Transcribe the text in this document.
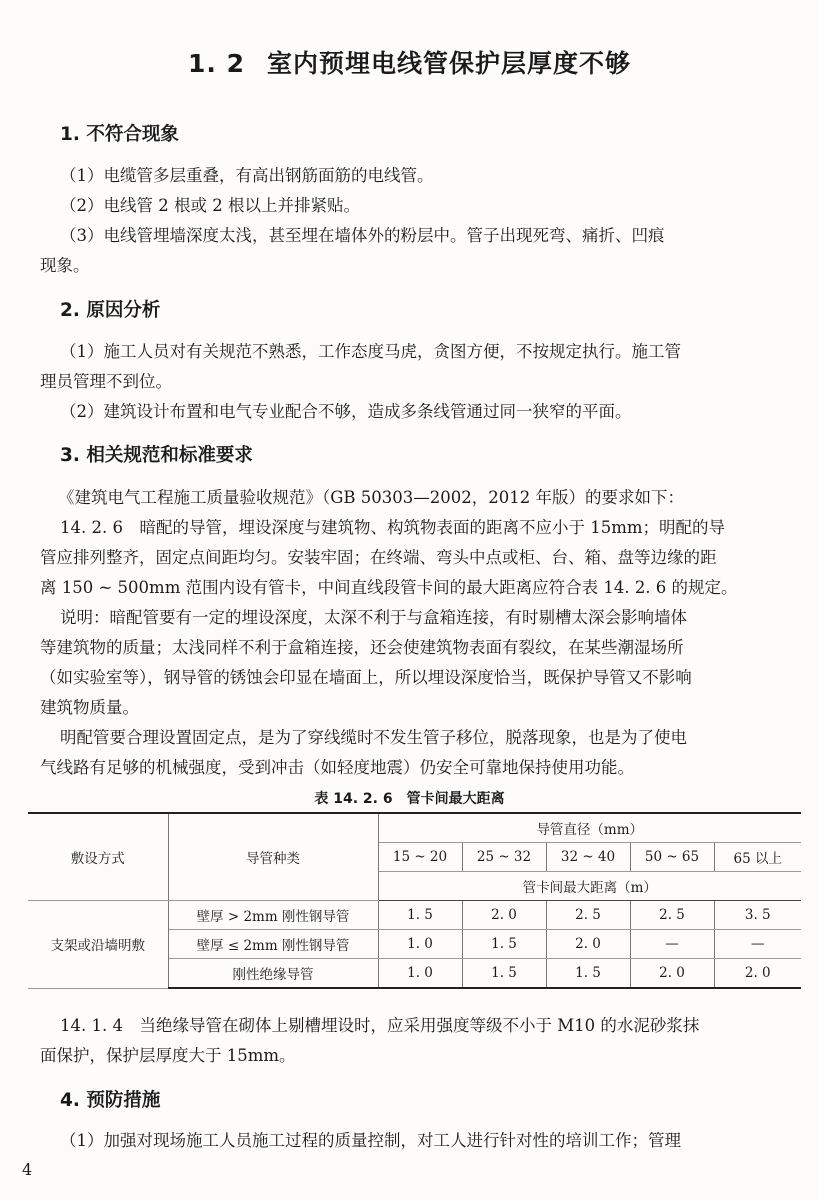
1. 2 室内预埋电线管保护层厚度不够
1. 不符合现象
（1）电缆管多层重叠，有高出钢筋面筋的电线管。
（2）电线管 2 根或 2 根以上并排紧贴。
（3）电线管埋墙深度太浅，甚至埋在墙体外的粉层中。管子出现死弯、痛折、凹痕
现象。
2. 原因分析
（1）施工人员对有关规范不熟悉，工作态度马虎，贪图方便，不按规定执行。施工管
理员管理不到位。
（2）建筑设计布置和电气专业配合不够，造成多条线管通过同一狭窄的平面。
3. 相关规范和标准要求
《建筑电气工程施工质量验收规范》（GB 50303—2002，2012 年版）的要求如下：
14. 2. 6　暗配的导管，埋设深度与建筑物、构筑物表面的距离不应小于 15mm；明配的导
管应排列整齐，固定点间距均匀。安装牢固；在终端、弯头中点或柜、台、箱、盘等边缘的距
离 150 ~ 500mm 范围内设有管卡，中间直线段管卡间的最大距离应符合表 14. 2. 6 的规定。
说明：暗配管要有一定的埋设深度，太深不利于与盒箱连接，有时剔槽太深会影响墙体
等建筑物的质量；太浅同样不利于盒箱连接，还会使建筑物表面有裂纹，在某些潮湿场所
（如实验室等），钢导管的锈蚀会印显在墙面上，所以埋设深度恰当，既保护导管又不影响
建筑物质量。
明配管要合理设置固定点，是为了穿线缆时不发生管子移位，脱落现象，也是为了使电
气线路有足够的机械强度，受到冲击（如轻度地震）仍安全可靠地保持使用功能。
表 14. 2. 6　管卡间最大距离
敷设方式	导管种类	导管直径（mm）				
		15 ~ 20	25 ~ 32	32 ~ 40	50 ~ 65	65 以上
		管卡间最大距离（m）				
支架或沿墙明敷	壁厚 > 2mm 刚性钢导管	1. 5	2. 0	2. 5	2. 5	3. 5
	壁厚 ≤ 2mm 刚性钢导管	1. 0	1. 5	2. 0	—	—
	刚性绝缘导管	1. 0	1. 5	1. 5	2. 0	2. 0
14. 1. 4　当绝缘导管在砌体上剔槽埋设时，应采用强度等级不小于 M10 的水泥砂浆抹
面保护，保护层厚度大于 15mm。
4. 预防措施
（1）加强对现场施工人员施工过程的质量控制，对工人进行针对性的培训工作；管理
4
